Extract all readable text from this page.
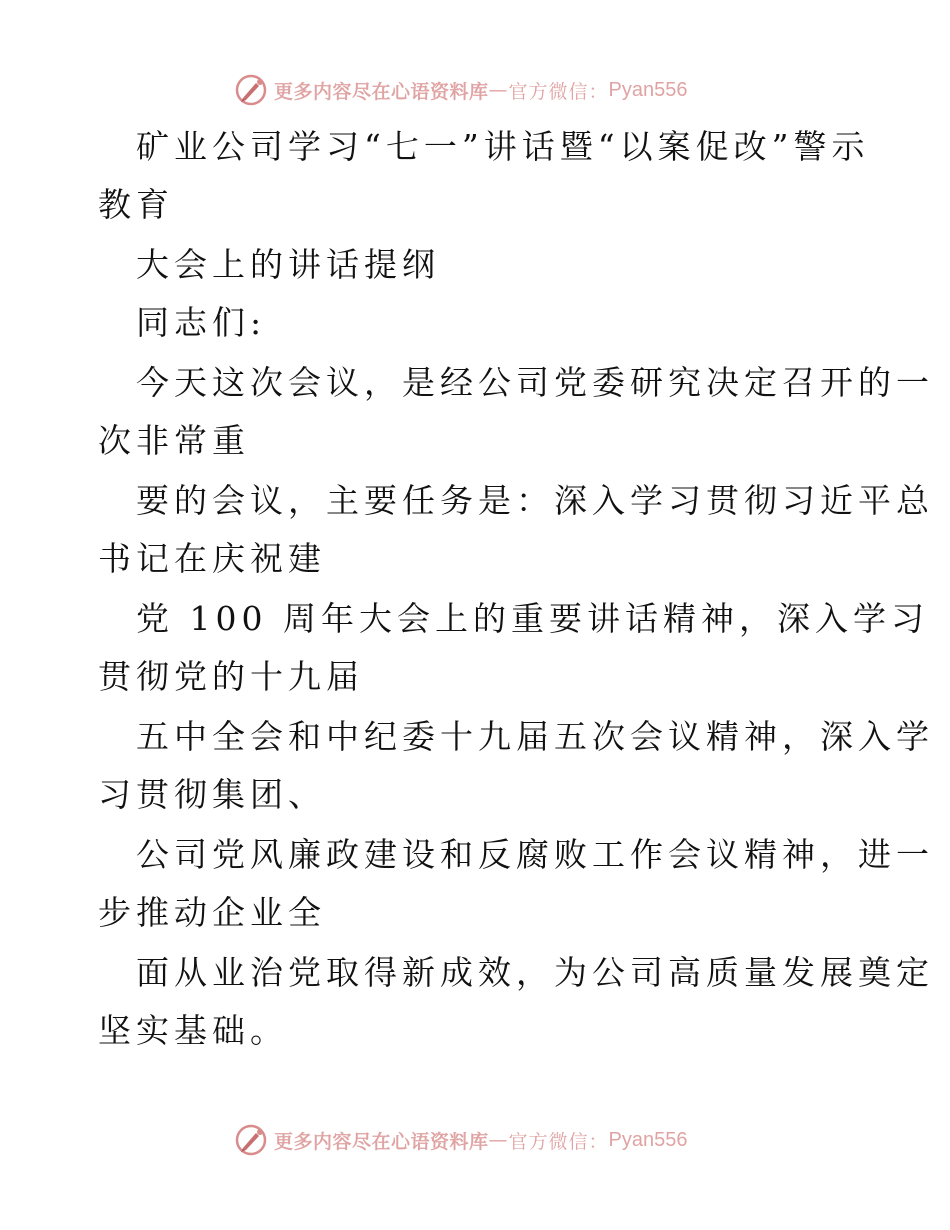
更多内容尽在心语资料库 — 官方微信： Pyan556
矿业公司学习“七一”讲话暨“以案促改”警示
教育
大会上的讲话提纲
同志们:
今天这次会议，是经公司党委研究决定召开的一
次非常重
要的会议，主要任务是：深入学习贯彻习近平总
书记在庆祝建
党 100 周年大会上的重要讲话精神，深入学习
贯彻党的十九届
五中全会和中纪委十九届五次会议精神，深入学
习贯彻集团、
公司党风廉政建设和反腐败工作会议精神，进一
步推动企业全
面从业治党取得新成效，为公司高质量发展奠定
坚实基础。
更多内容尽在心语资料库 — 官方微信： Pyan556
